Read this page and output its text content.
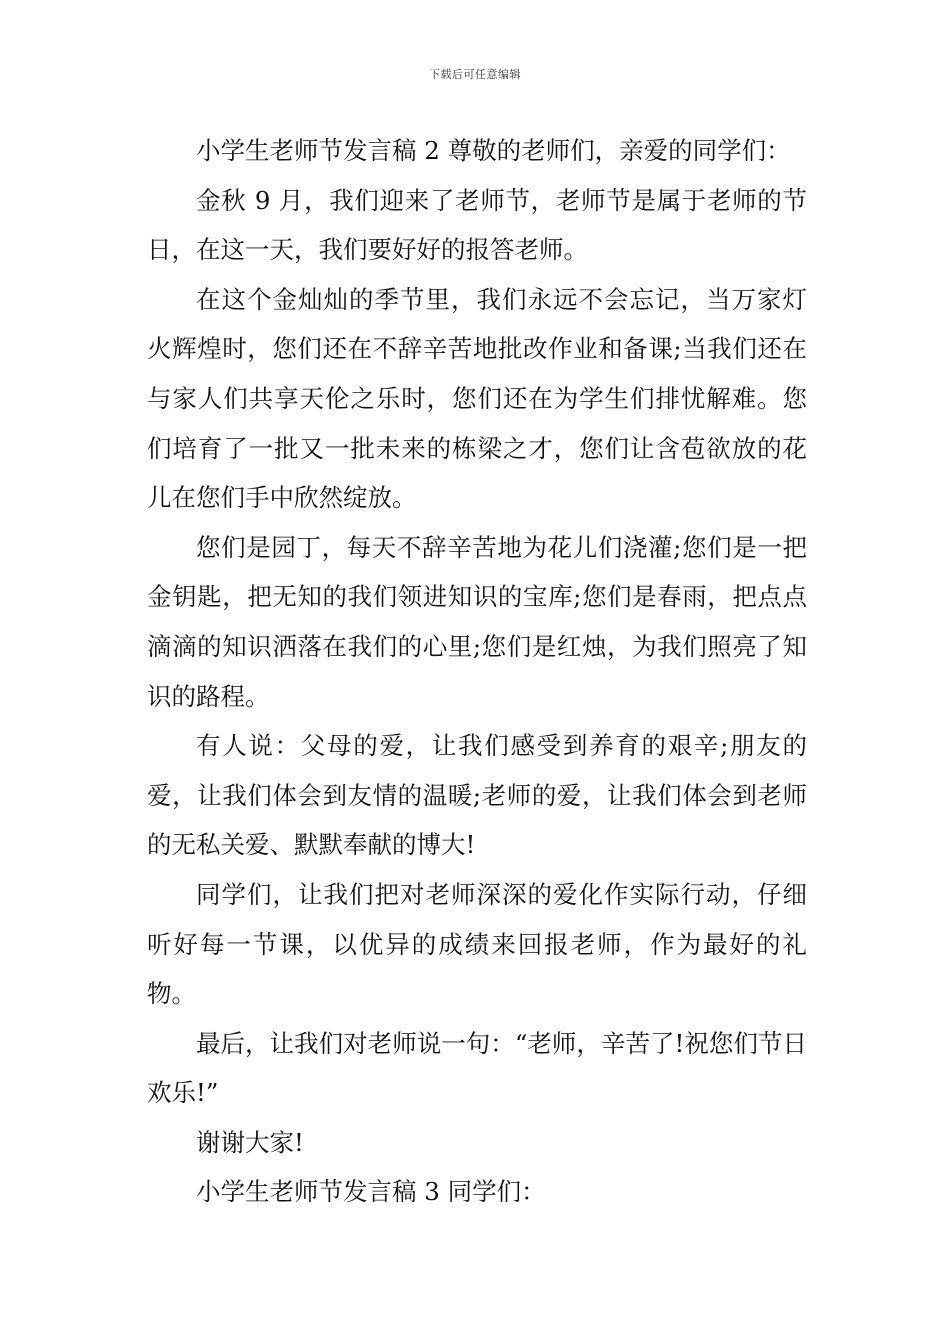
下载后可任意编辑

小学生老师节发言稿 2 尊敬的老师们，亲爱的同学们：

金秋 9 月，我们迎来了老师节，老师节是属于老师的节日，在这一天，我们要好好的报答老师。

在这个金灿灿的季节里，我们永远不会忘记，当万家灯火辉煌时，您们还在不辞辛苦地批改作业和备课;当我们还在与家人们共享天伦之乐时，您们还在为学生们排忧解难。您们培育了一批又一批未来的栋梁之才，您们让含苞欲放的花儿在您们手中欣然绽放。

您们是园丁，每天不辞辛苦地为花儿们浇灌;您们是一把金钥匙，把无知的我们领进知识的宝库;您们是春雨，把点点滴滴的知识洒落在我们的心里;您们是红烛，为我们照亮了知识的路程。

有人说：父母的爱，让我们感受到养育的艰辛;朋友的爱，让我们体会到友情的温暖;老师的爱，让我们体会到老师的无私关爱、默默奉献的博大!

同学们，让我们把对老师深深的爱化作实际行动，仔细听好每一节课，以优异的成绩来回报老师，作为最好的礼物。

最后，让我们对老师说一句：“老师，辛苦了!祝您们节日欢乐!”

谢谢大家!

小学生老师节发言稿 3 同学们：
